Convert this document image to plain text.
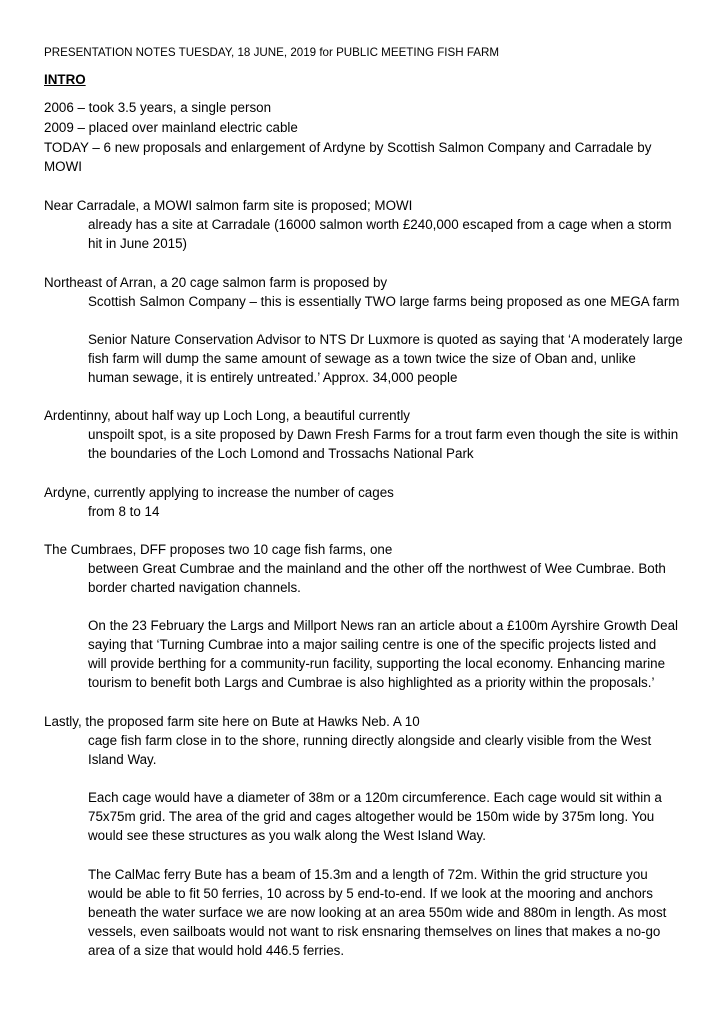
PRESENTATION NOTES TUESDAY, 18 JUNE, 2019 for PUBLIC MEETING FISH FARM
INTRO
2006 – took 3.5 years, a single person
2009 – placed over mainland electric cable
TODAY – 6 new proposals and enlargement of Ardyne by Scottish Salmon Company and Carradale by
MOWI
Near Carradale, a MOWI salmon farm site is proposed; MOWI
already has a site at Carradale (16000 salmon worth £240,000 escaped from a cage when a storm
hit in June 2015)
Northeast of Arran, a 20 cage salmon farm is proposed by
Scottish Salmon Company – this is essentially TWO large farms being proposed as one MEGA farm
Senior Nature Conservation Advisor to NTS Dr Luxmore is quoted as saying that ‘A moderately large
fish farm will dump the same amount of sewage as a town twice the size of Oban and, unlike
human sewage, it is entirely untreated.’ Approx. 34,000 people
Ardentinny, about half way up Loch Long, a beautiful currently
unspoilt spot, is a site proposed by Dawn Fresh Farms for a trout farm even though the site is within
the boundaries of the Loch Lomond and Trossachs National Park
Ardyne, currently applying to increase the number of cages
from 8 to 14
The Cumbraes, DFF proposes two 10 cage fish farms, one
between Great Cumbrae and the mainland and the other off the northwest of Wee Cumbrae. Both
border charted navigation channels.
On the 23 February the Largs and Millport News ran an article about a £100m Ayrshire Growth Deal
saying that ‘Turning Cumbrae into a major sailing centre is one of the specific projects listed and
will provide berthing for a community-run facility, supporting the local economy. Enhancing marine
tourism to benefit both Largs and Cumbrae is also highlighted as a priority within the proposals.’
Lastly, the proposed farm site here on Bute at Hawks Neb. A 10
cage fish farm close in to the shore, running directly alongside and clearly visible from the West
Island Way.
Each cage would have a diameter of 38m or a 120m circumference. Each cage would sit within a
75x75m grid. The area of the grid and cages altogether would be 150m wide by 375m long. You
would see these structures as you walk along the West Island Way.
The CalMac ferry Bute has a beam of 15.3m and a length of 72m. Within the grid structure you
would be able to fit 50 ferries, 10 across by 5 end-to-end. If we look at the mooring and anchors
beneath the water surface we are now looking at an area 550m wide and 880m in length. As most
vessels, even sailboats would not want to risk ensnaring themselves on lines that makes a no-go
area of a size that would hold 446.5 ferries.
